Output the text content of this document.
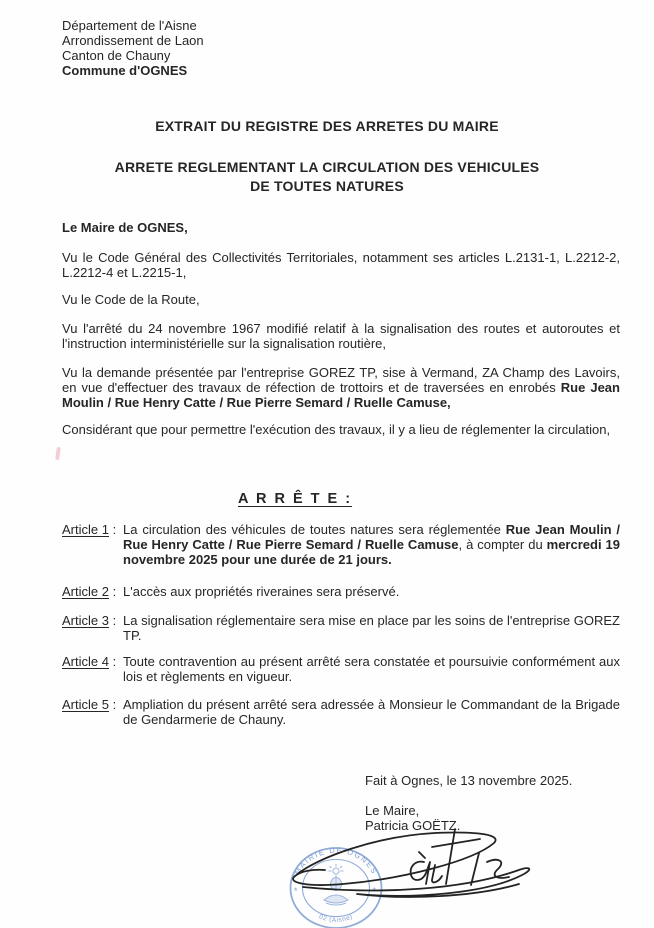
Département de l'Aisne
Arrondissement de Laon
Canton de Chauny
Commune d'OGNES
EXTRAIT DU REGISTRE DES ARRETES DU MAIRE
ARRETE REGLEMENTANT LA CIRCULATION DES VEHICULES
DE TOUTES NATURES
Le Maire de OGNES,
Vu le Code Général des Collectivités Territoriales, notamment ses articles L.2131-1, L.2212-2, L.2212-4 et L.2215-1,
Vu le Code de la Route,
Vu l'arrêté du 24 novembre 1967 modifié relatif à la signalisation des routes et autoroutes et l'instruction interministérielle sur la signalisation routière,
Vu la demande présentée par l'entreprise GOREZ TP, sise à Vermand, ZA Champ des Lavoirs, en vue d'effectuer des travaux de réfection de trottoirs et de traversées en enrobés Rue Jean Moulin / Rue Henry Catte / Rue Pierre Semard / Ruelle Camuse,
Considérant que pour permettre l'exécution des travaux, il y a lieu de réglementer la circulation,
A R R Ê T E :
Article 1 : La circulation des véhicules de toutes natures sera réglementée Rue Jean Moulin / Rue Henry Catte / Rue Pierre Semard / Ruelle Camuse, à compter du mercredi 19 novembre 2025 pour une durée de 21 jours.
Article 2 : L'accès aux propriétés riveraines sera préservé.
Article 3 : La signalisation réglementaire sera mise en place par les soins de l'entreprise GOREZ TP.
Article 4 : Toute contravention au présent arrêté sera constatée et poursuivie conformément aux lois et règlements en vigueur.
Article 5 : Ampliation du présent arrêté sera adressée à Monsieur le Commandant de la Brigade de Gendarmerie de Chauny.
Fait à Ognes, le 13 novembre 2025.
Le Maire,
Patricia GOËTZ.
MAIRIE DE OGNES
02 (Aisne)
*	*
